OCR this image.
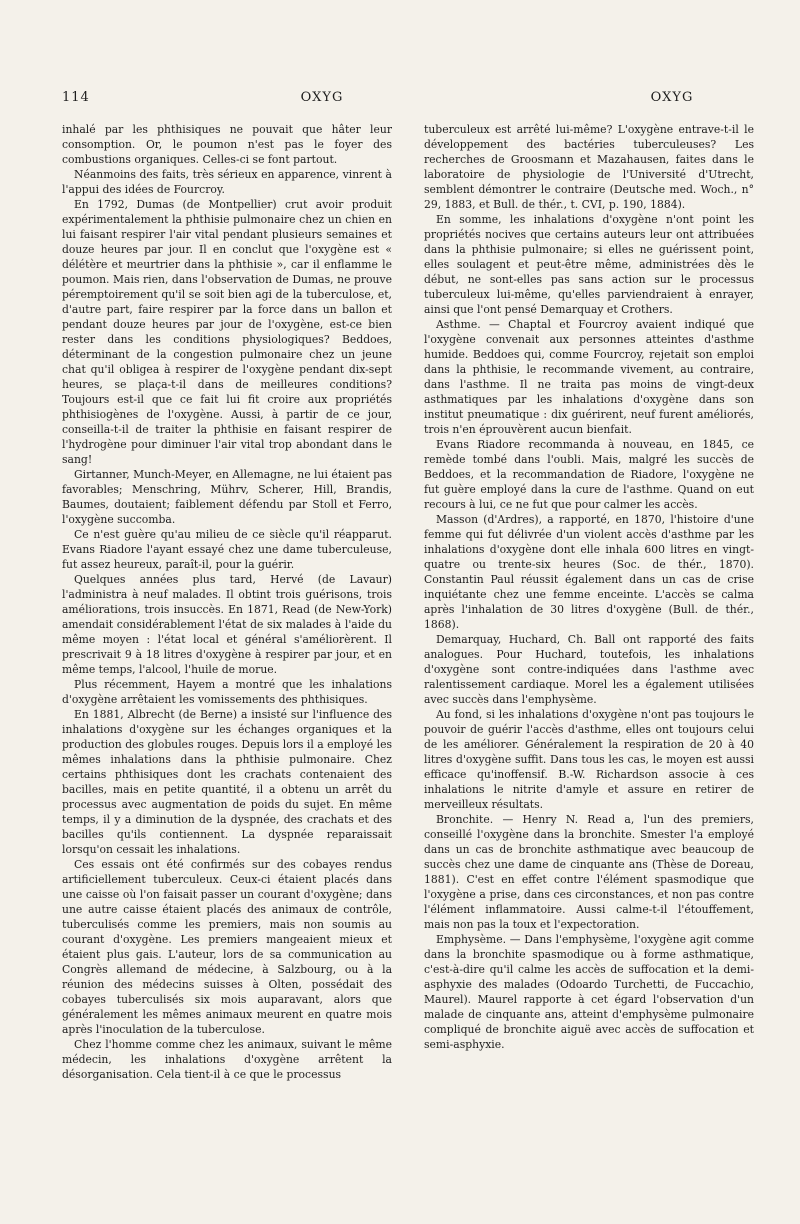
114	OXYG	OXYG

inhalé par les phthisiques ne pouvait que hâter leur consomption. Or, le poumon n'est pas le foyer des combustions organiques. Celles-ci se font partout.

Néanmoins des faits, très sérieux en apparence, vinrent à l'appui des idées de Fourcroy.

En 1792, Dumas (de Montpellier) crut avoir produit expérimentalement la phthisie pulmonaire chez un chien en lui faisant respirer l'air vital pendant plusieurs semaines et douze heures par jour. Il en conclut que l'oxygène est « délétère et meurtrier dans la phthisie », car il enflamme le poumon. Mais rien, dans l'observation de Dumas, ne prouve péremptoirement qu'il se soit bien agi de la tuberculose, et, d'autre part, faire respirer par la force dans un ballon et pendant douze heures par jour de l'oxygène, est-ce bien rester dans les conditions physiologiques? Beddoes, déterminant de la congestion pulmonaire chez un jeune chat qu'il obligea à respirer de l'oxygène pendant dix-sept heures, se plaça-t-il dans de meilleures conditions? Toujours est-il que ce fait lui fit croire aux propriétés phthisiogènes de l'oxygène. Aussi, à partir de ce jour, conseilla-t-il de traiter la phthisie en faisant respirer de l'hydrogène pour diminuer l'air vital trop abondant dans le sang!

Girtanner, Munch-Meyer, en Allemagne, ne lui étaient pas favorables; Menschring, Mührv, Scherer, Hill, Brandis, Baumes, doutaient; faiblement défendu par Stoll et Ferro, l'oxygène succomba.

Ce n'est guère qu'au milieu de ce siècle qu'il réapparut. Evans Riadore l'ayant essayé chez une dame tuberculeuse, fut assez heureux, paraît-il, pour la guérir.

Quelques années plus tard, Hervé (de Lavaur) l'administra à neuf malades. Il obtint trois guérisons, trois améliorations, trois insuccès. En 1871, Read (de New-York) amendait considérablement l'état de six malades à l'aide du même moyen : l'état local et général s'améliorèrent. Il prescrivait 9 à 18 litres d'oxygène à respirer par jour, et en même temps, l'alcool, l'huile de morue.

Plus récemment, Hayem a montré que les inhalations d'oxygène arrêtaient les vomissements des phthisiques.

En 1881, Albrecht (de Berne) a insisté sur l'influence des inhalations d'oxygène sur les échanges organiques et la production des globules rouges. Depuis lors il a employé les mêmes inhalations dans la phthisie pulmonaire. Chez certains phthisiques dont les crachats contenaient des bacilles, mais en petite quantité, il a obtenu un arrêt du processus avec augmentation de poids du sujet. En même temps, il y a diminution de la dyspnée, des crachats et des bacilles qu'ils contiennent. La dyspnée reparaissait lorsqu'on cessait les inhalations.

Ces essais ont été confirmés sur des cobayes rendus artificiellement tuberculeux. Ceux-ci étaient placés dans une caisse où l'on faisait passer un courant d'oxygène; dans une autre caisse étaient placés des animaux de contrôle, tuberculisés comme les premiers, mais non soumis au courant d'oxygène. Les premiers mangeaient mieux et étaient plus gais. L'auteur, lors de sa communication au Congrès allemand de médecine, à Salzbourg, ou à la réunion des médecins suisses à Olten, possédait des cobayes tuberculisés six mois auparavant, alors que généralement les mêmes animaux meurent en quatre mois après l'inoculation de la tuberculose.

Chez l'homme comme chez les animaux, suivant le même médecin, les inhalations d'oxygène arrêtent la désorganisation. Cela tient-il à ce que le processus

tuberculeux est arrêté lui-même? L'oxygène entrave-t-il le développement des bactéries tuberculeuses? Les recherches de Groosmann et Mazahausen, faites dans le laboratoire de physiologie de l'Université d'Utrecht, semblent démontrer le contraire (Deutsche med. Woch., n° 29, 1883, et Bull. de thér., t. CVI, p. 190, 1884).

En somme, les inhalations d'oxygène n'ont point les propriétés nocives que certains auteurs leur ont attribuées dans la phthisie pulmonaire; si elles ne guérissent point, elles soulagent et peut-être même, administrées dès le début, ne sont-elles pas sans action sur le processus tuberculeux lui-même, qu'elles parviendraient à enrayer, ainsi que l'ont pensé Demarquay et Crothers.

Asthme. — Chaptal et Fourcroy avaient indiqué que l'oxygène convenait aux personnes atteintes d'asthme humide. Beddoes qui, comme Fourcroy, rejetait son emploi dans la phthisie, le recommande vivement, au contraire, dans l'asthme. Il ne traita pas moins de vingt-deux asthmatiques par les inhalations d'oxygène dans son institut pneumatique : dix guérirent, neuf furent améliorés, trois n'en éprouvèrent aucun bienfait.

Evans Riadore recommanda à nouveau, en 1845, ce remède tombé dans l'oubli. Mais, malgré les succès de Beddoes, et la recommandation de Riadore, l'oxygène ne fut guère employé dans la cure de l'asthme. Quand on eut recours à lui, ce ne fut que pour calmer les accès.

Masson (d'Ardres), a rapporté, en 1870, l'histoire d'une femme qui fut délivrée d'un violent accès d'asthme par les inhalations d'oxygène dont elle inhala 600 litres en vingt-quatre ou trente-six heures (Soc. de thér., 1870). Constantin Paul réussit également dans un cas de crise inquiétante chez une femme enceinte. L'accès se calma après l'inhalation de 30 litres d'oxygène (Bull. de thér., 1868).

Demarquay, Huchard, Ch. Ball ont rapporté des faits analogues. Pour Huchard, toutefois, les inhalations d'oxygène sont contre-indiquées dans l'asthme avec ralentissement cardiaque. Morel les a également utilisées avec succès dans l'emphysème.

Au fond, si les inhalations d'oxygène n'ont pas toujours le pouvoir de guérir l'accès d'asthme, elles ont toujours celui de les améliorer. Généralement la respiration de 20 à 40 litres d'oxygène suffit. Dans tous les cas, le moyen est aussi efficace qu'inoffensif. B.-W. Richardson associe à ces inhalations le nitrite d'amyle et assure en retirer de merveilleux résultats.

Bronchite. — Henry N. Read a, l'un des premiers, conseillé l'oxygène dans la bronchite. Smester l'a employé dans un cas de bronchite asthmatique avec beaucoup de succès chez une dame de cinquante ans (Thèse de Doreau, 1881). C'est en effet contre l'élément spasmodique que l'oxygène a prise, dans ces circonstances, et non pas contre l'élément inflammatoire. Aussi calme-t-il l'étouffement, mais non pas la toux et l'expectoration.

Emphysème. — Dans l'emphysème, l'oxygène agit comme dans la bronchite spasmodique ou à forme asthmatique, c'est-à-dire qu'il calme les accès de suffocation et la demi-asphyxie des malades (Odoardo Turchetti, de Fuccachio, Maurel). Maurel rapporte à cet égard l'observation d'un malade de cinquante ans, atteint d'emphysème pulmonaire compliqué de bronchite aiguë avec accès de suffocation et semi-asphyxie.
